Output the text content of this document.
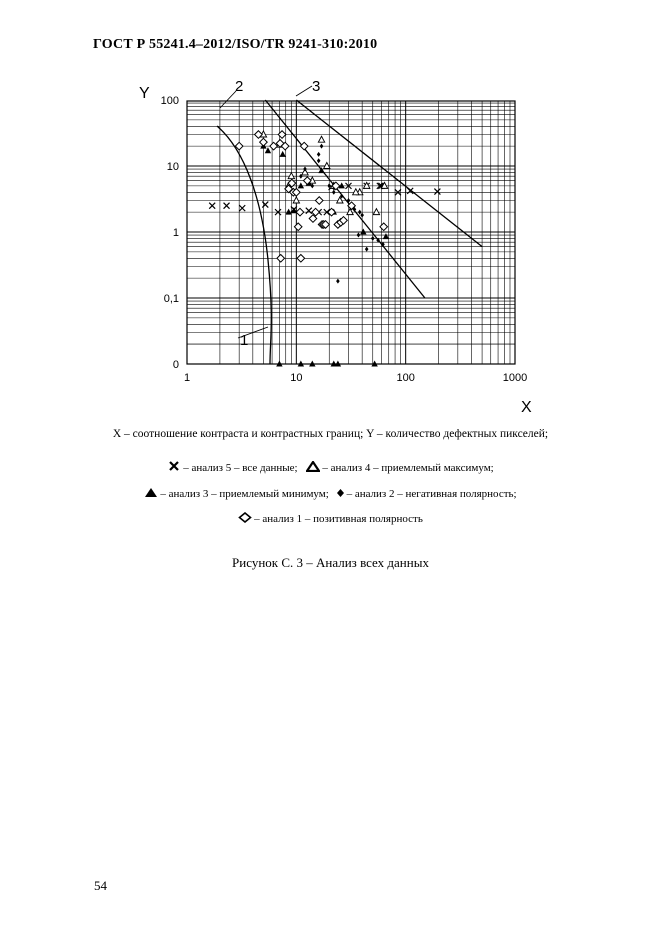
ГОСТ Р 55241.4–2012/ISO/TR 9241-310:2010
1	10	100	1000
0
0,1
1
10
100
Y
X
1
2	3
X – соотношение контраста и контрастных границ; Y – количество дефектных пикселей;
– анализ 5 – все данные; – анализ 4 – приемлемый максимум;
– анализ 3 – приемлемый минимум; – анализ 2 – негативная полярность;
– анализ 1 – позитивная полярность
Рисунок С. 3 – Анализ всех данных
54
